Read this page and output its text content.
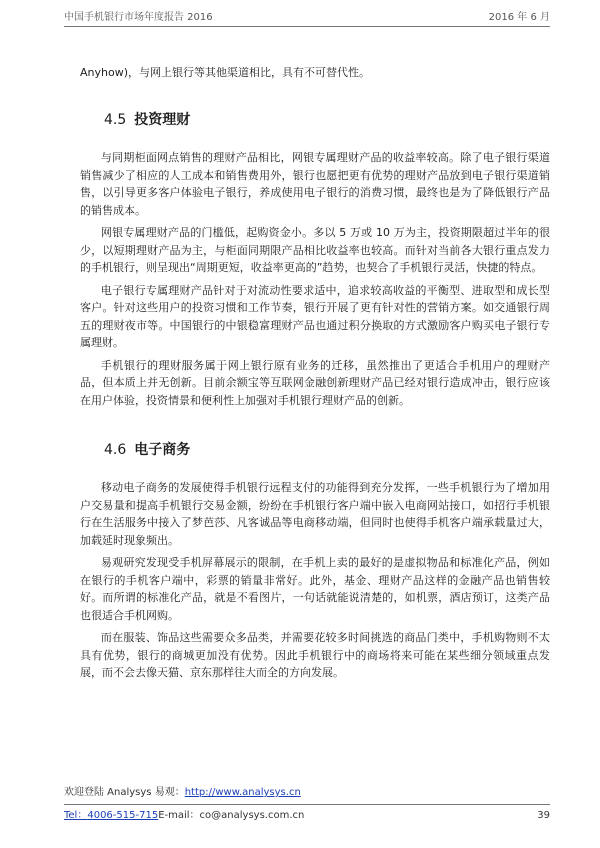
中国手机银行市场年度报告 2016	2016 年 6 月
Anyhow)，与网上银行等其他渠道相比，具有不可替代性。
4.5 投资理财

与同期柜面网点销售的理财产品相比，网银专属理财产品的收益率较高。除了电子银行渠道销售减少了相应的人工成本和销售费用外，银行也愿把更有优势的理财产品放到电子银行渠道销售，以引导更多客户体验电子银行，养成使用电子银行的消费习惯，最终也是为了降低银行产品的销售成本。

网银专属理财产品的门槛低，起购资金小。多以 5 万或 10 万为主，投资期限超过半年的很少，以短期理财产品为主，与柜面同期限产品相比收益率也较高。而针对当前各大银行重点发力的手机银行，则呈现出“周期更短，收益率更高的”趋势，也契合了手机银行灵活，快捷的特点。

电子银行专属理财产品针对于对流动性要求适中，追求较高收益的平衡型、进取型和成长型客户。针对这些用户的投资习惯和工作节奏，银行开展了更有针对性的营销方案。如交通银行周五的理财夜市等。中国银行的中银稳富理财产品也通过积分换取的方式激励客户购买电子银行专属理财。

手机银行的理财服务属于网上银行原有业务的迁移，虽然推出了更适合手机用户的理财产品，但本质上并无创新。目前余额宝等互联网金融创新理财产品已经对银行造成冲击，银行应该在用户体验，投资情景和便利性上加强对手机银行理财产品的创新。

4.6 电子商务

移动电子商务的发展使得手机银行远程支付的功能得到充分发挥，一些手机银行为了增加用户交易量和提高手机银行交易金额，纷纷在手机银行客户端中嵌入电商网站接口，如招行手机银行在生活服务中接入了梦芭莎、凡客诚品等电商移动端，但同时也使得手机客户端承载量过大，加载延时现象频出。

易观研究发现受手机屏幕展示的限制，在手机上卖的最好的是虚拟物品和标准化产品，例如在银行的手机客户端中，彩票的销量非常好。此外，基金、理财产品这样的金融产品也销售较好。而所谓的标准化产品，就是不看图片，一句话就能说清楚的，如机票，酒店预订，这类产品也很适合手机网购。

而在服装、饰品这些需要众多品类，并需要花较多时间挑选的商品门类中，手机购物则不太具有优势，银行的商城更加没有优势。因此手机银行中的商场将来可能在某些细分领域重点发展，而不会去像天猫、京东那样往大而全的方向发展。

欢迎登陆 Analysys 易观：http://www.analysys.cn
Tel：4006-515-715E-mail：co@analysys.com.cn	39
